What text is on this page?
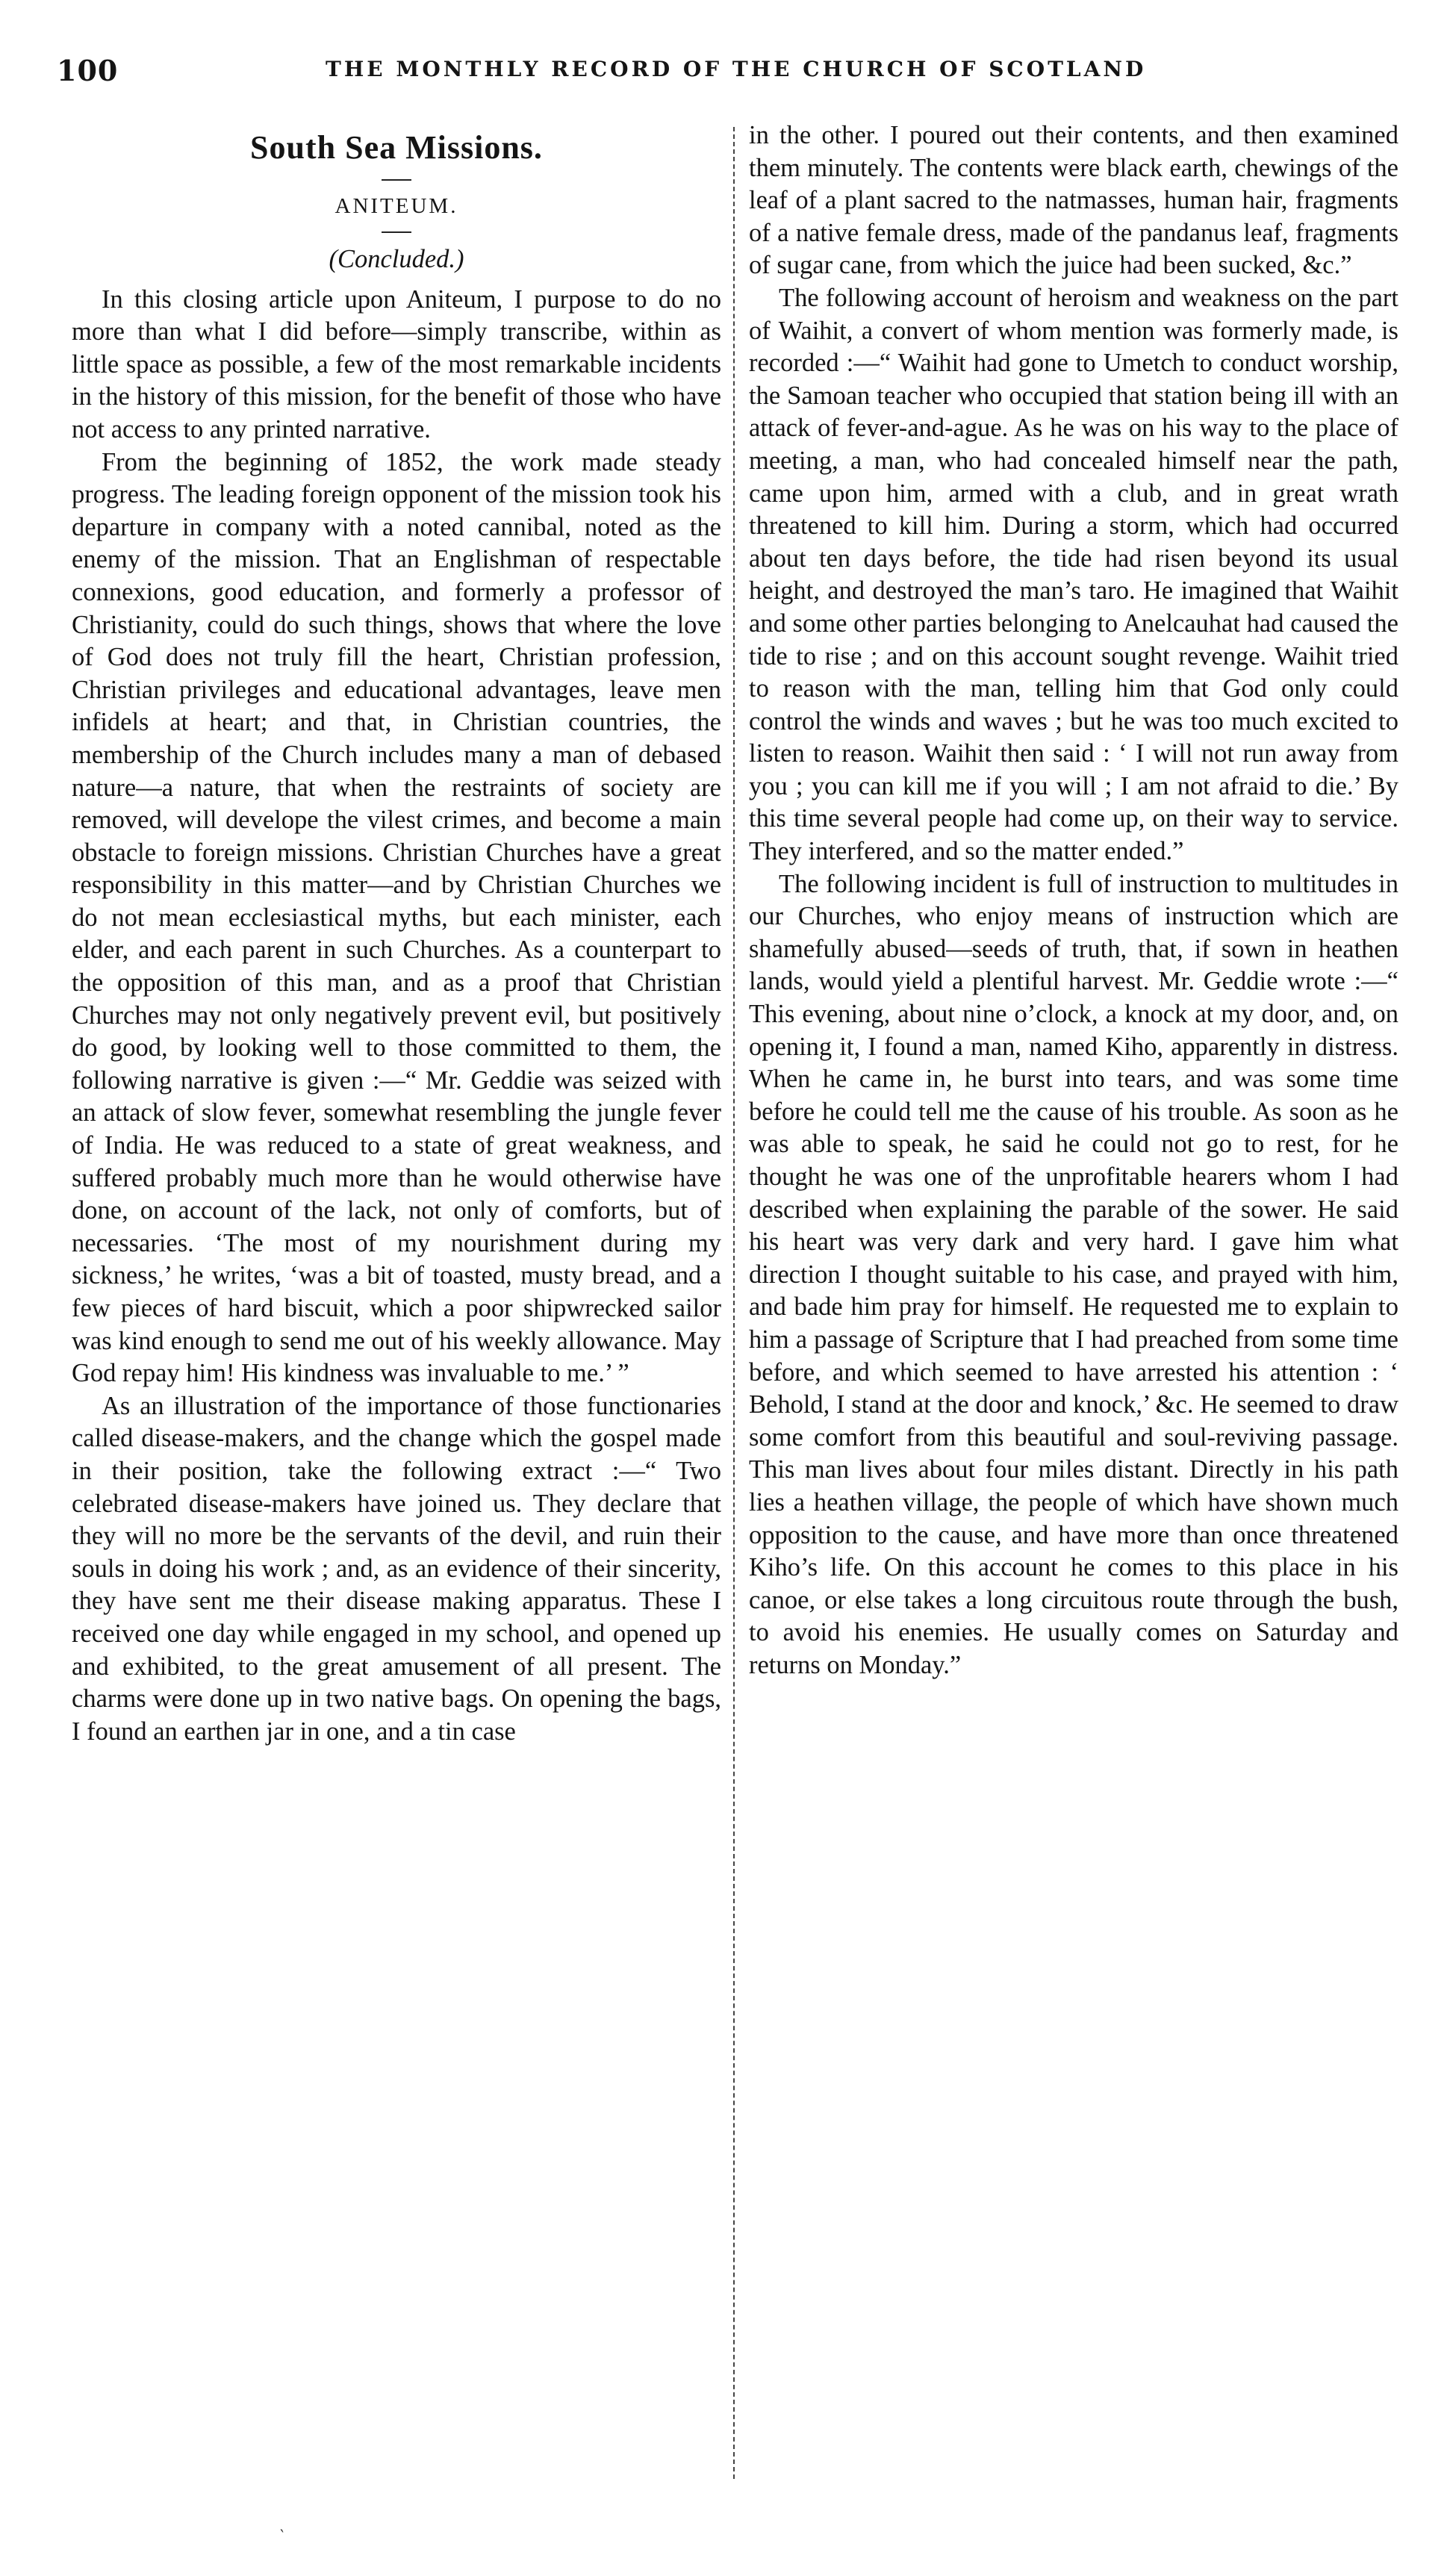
100	THE MONTHLY RECORD OF THE CHURCH OF SCOTLAND
South Sea Missions.
ANITEUM.
(Concluded.)

In this closing article upon Aniteum, I purpose to do no more than what I did before—simply transcribe, within as little space as possible, a few of the most remarkable incidents in the history of this mission, for the benefit of those who have not access to any printed narrative.

From the beginning of 1852, the work made steady progress. The leading foreign opponent of the mission took his departure in company with a noted cannibal, noted as the enemy of the mission. That an Englishman of respectable connexions, good education, and formerly a professor of Christianity, could do such things, shows that where the love of God does not truly fill the heart, Christian profession, Christian privileges and educational advantages, leave men infidels at heart; and that, in Christian countries, the membership of the Church includes many a man of debased nature—a nature, that when the restraints of society are removed, will develope the vilest crimes, and become a main obstacle to foreign missions. Christian Churches have a great responsibility in this matter—and by Christian Churches we do not mean ecclesiastical myths, but each minister, each elder, and each parent in such Churches. As a counterpart to the opposition of this man, and as a proof that Christian Churches may not only negatively prevent evil, but positively do good, by looking well to those committed to them, the following narrative is given :—“ Mr. Geddie was seized with an attack of slow fever, somewhat resembling the jungle fever of India. He was reduced to a state of great weakness, and suffered probably much more than he would otherwise have done, on account of the lack, not only of comforts, but of necessaries. ‘The most of my nourishment during my sickness,’ he writes, ‘was a bit of toasted, musty bread, and a few pieces of hard biscuit, which a poor shipwrecked sailor was kind enough to send me out of his weekly allowance. May God repay him! His kindness was invaluable to me.’ ”

As an illustration of the importance of those functionaries called disease-makers, and the change which the gospel made in their position, take the following extract :—“ Two celebrated disease-makers have joined us. They declare that they will no more be the servants of the devil, and ruin their souls in doing his work ; and, as an evidence of their sincerity, they have sent me their disease making apparatus. These I received one day while engaged in my school, and opened up and exhibited, to the great amusement of all present. The charms were done up in two native bags. On opening the bags, I found an earthen jar in one, and a tin case

in the other. I poured out their contents, and then examined them minutely. The contents were black earth, chewings of the leaf of a plant sacred to the natmasses, human hair, fragments of a native female dress, made of the pandanus leaf, fragments of sugar cane, from which the juice had been sucked, &c.”

The following account of heroism and weakness on the part of Waihit, a convert of whom mention was formerly made, is recorded :—“ Waihit had gone to Umetch to conduct worship, the Samoan teacher who occupied that station being ill with an attack of fever-and-ague. As he was on his way to the place of meeting, a man, who had concealed himself near the path, came upon him, armed with a club, and in great wrath threatened to kill him. During a storm, which had occurred about ten days before, the tide had risen beyond its usual height, and destroyed the man’s taro. He imagined that Waihit and some other parties belonging to Anelcauhat had caused the tide to rise ; and on this account sought revenge. Waihit tried to reason with the man, telling him that God only could control the winds and waves ; but he was too much excited to listen to reason. Waihit then said : ‘ I will not run away from you ; you can kill me if you will ; I am not afraid to die.’ By this time several people had come up, on their way to service. They interfered, and so the matter ended.”

The following incident is full of instruction to multitudes in our Churches, who enjoy means of instruction which are shamefully abused—seeds of truth, that, if sown in heathen lands, would yield a plentiful harvest. Mr. Geddie wrote :—“ This evening, about nine o’clock, a knock at my door, and, on opening it, I found a man, named Kiho, apparently in distress. When he came in, he burst into tears, and was some time before he could tell me the cause of his trouble. As soon as he was able to speak, he said he could not go to rest, for he thought he was one of the unprofitable hearers whom I had described when explaining the parable of the sower. He said his heart was very dark and very hard. I gave him what direction I thought suitable to his case, and prayed with him, and bade him pray for himself. He requested me to explain to him a passage of Scripture that I had preached from some time before, and which seemed to have arrested his attention : ‘ Behold, I stand at the door and knock,’ &c. He seemed to draw some comfort from this beautiful and soul-reviving passage. This man lives about four miles distant. Directly in his path lies a heathen village, the people of which have shown much opposition to the cause, and have more than once threatened Kiho’s life. On this account he comes to this place in his canoe, or else takes a long circuitous route through the bush, to avoid his enemies. He usually comes on Saturday and returns on Monday.”

‵
